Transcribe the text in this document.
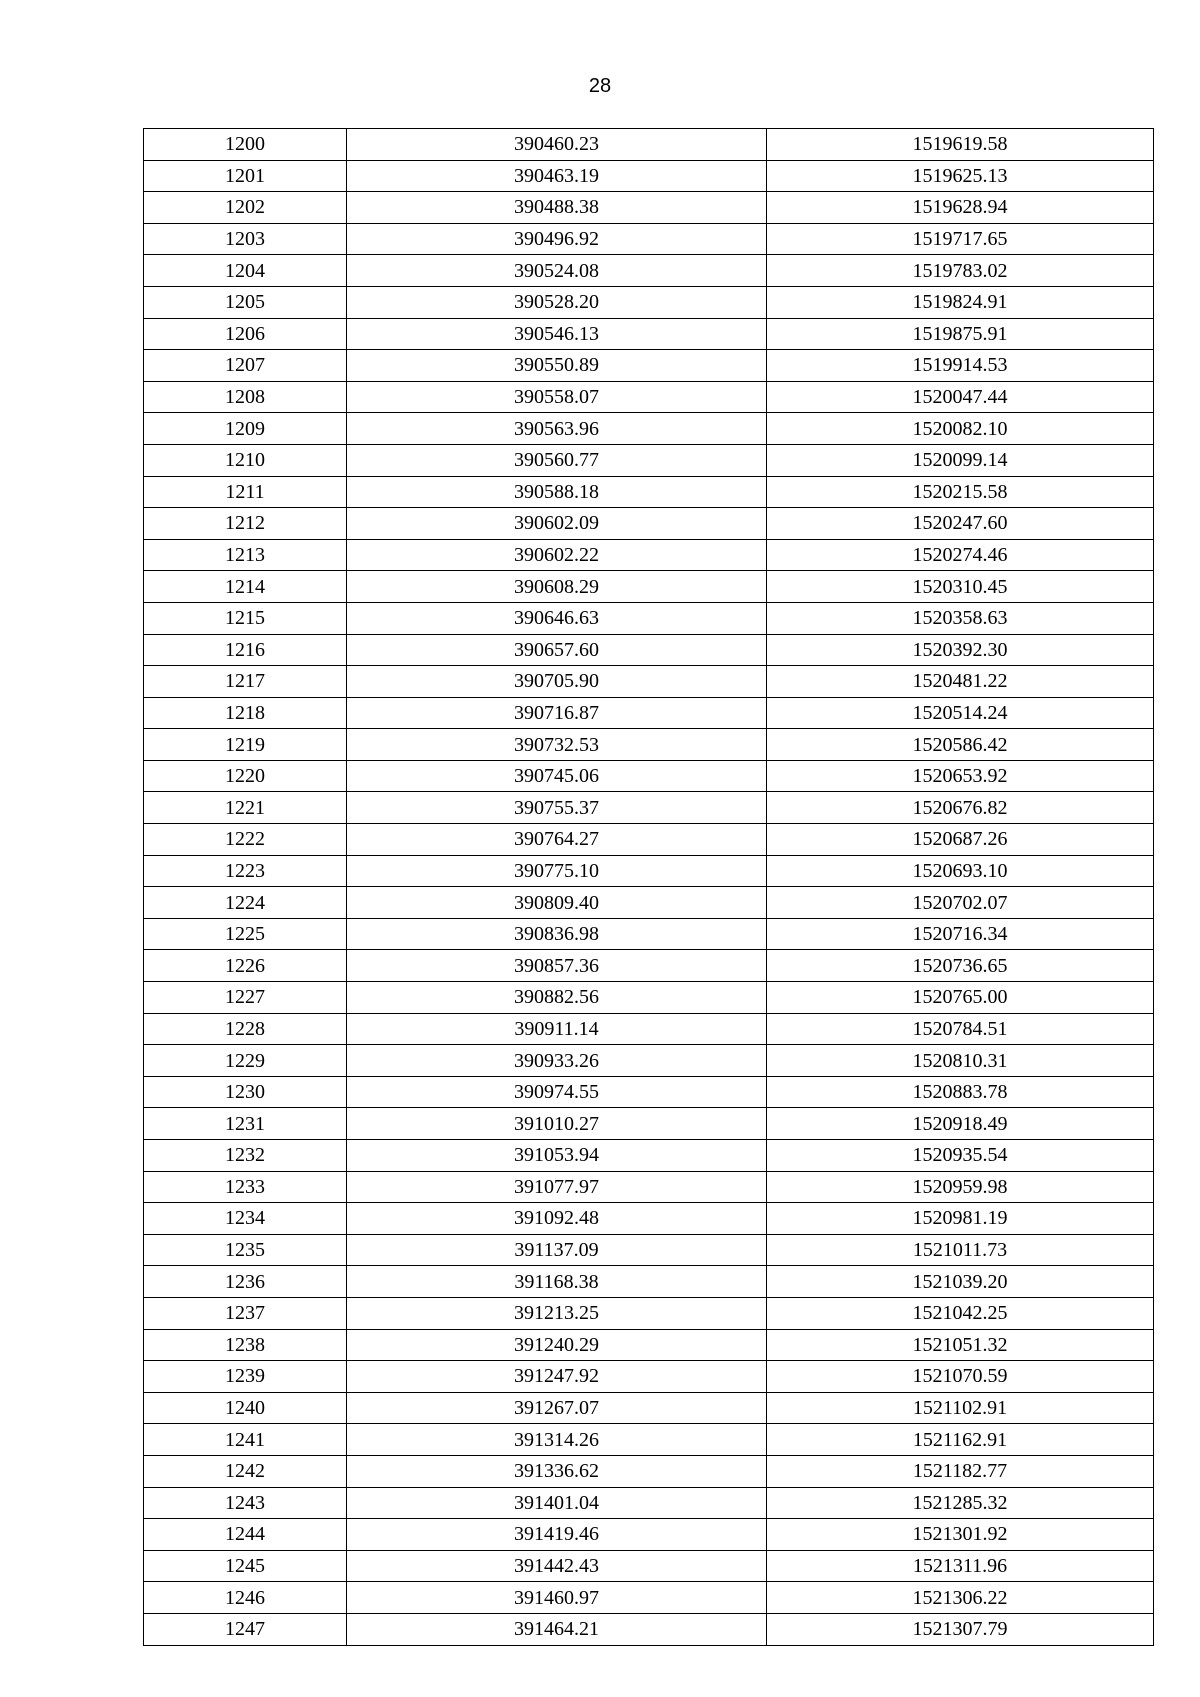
28
1200	390460.23	1519619.58
1201	390463.19	1519625.13
1202	390488.38	1519628.94
1203	390496.92	1519717.65
1204	390524.08	1519783.02
1205	390528.20	1519824.91
1206	390546.13	1519875.91
1207	390550.89	1519914.53
1208	390558.07	1520047.44
1209	390563.96	1520082.10
1210	390560.77	1520099.14
1211	390588.18	1520215.58
1212	390602.09	1520247.60
1213	390602.22	1520274.46
1214	390608.29	1520310.45
1215	390646.63	1520358.63
1216	390657.60	1520392.30
1217	390705.90	1520481.22
1218	390716.87	1520514.24
1219	390732.53	1520586.42
1220	390745.06	1520653.92
1221	390755.37	1520676.82
1222	390764.27	1520687.26
1223	390775.10	1520693.10
1224	390809.40	1520702.07
1225	390836.98	1520716.34
1226	390857.36	1520736.65
1227	390882.56	1520765.00
1228	390911.14	1520784.51
1229	390933.26	1520810.31
1230	390974.55	1520883.78
1231	391010.27	1520918.49
1232	391053.94	1520935.54
1233	391077.97	1520959.98
1234	391092.48	1520981.19
1235	391137.09	1521011.73
1236	391168.38	1521039.20
1237	391213.25	1521042.25
1238	391240.29	1521051.32
1239	391247.92	1521070.59
1240	391267.07	1521102.91
1241	391314.26	1521162.91
1242	391336.62	1521182.77
1243	391401.04	1521285.32
1244	391419.46	1521301.92
1245	391442.43	1521311.96
1246	391460.97	1521306.22
1247	391464.21	1521307.79
